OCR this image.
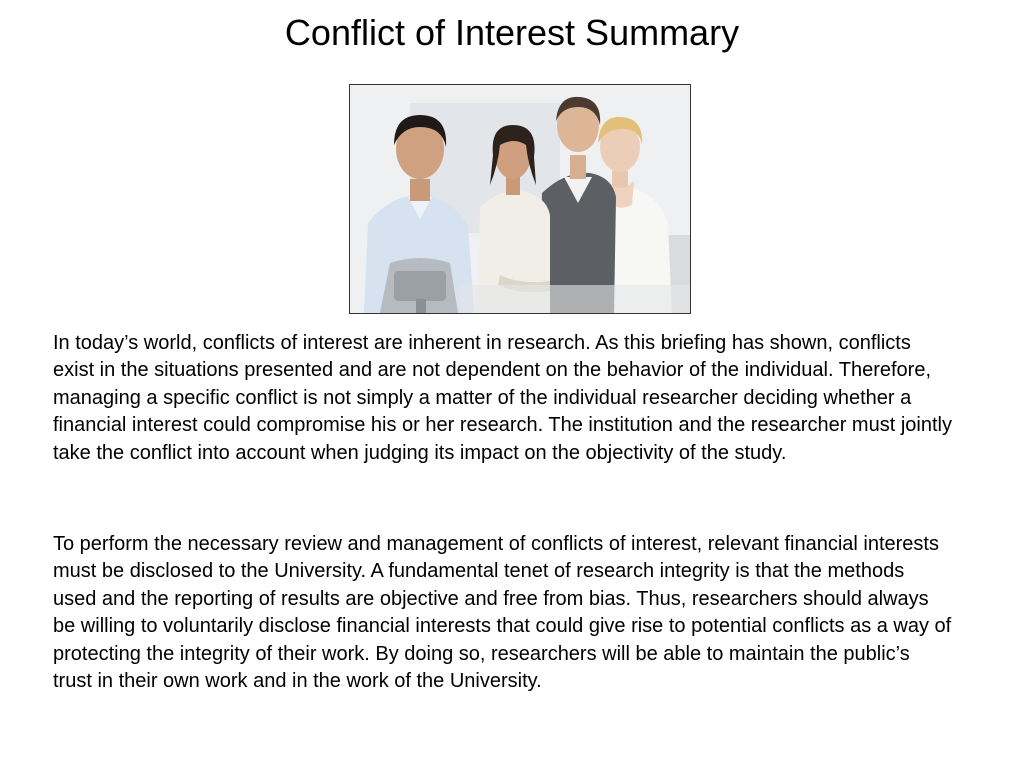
Conflict of Interest Summary

In today’s world, conflicts of interest are inherent in research. As this briefing has shown, conflicts exist in the situations presented and are not dependent on the behavior of the individual. Therefore, managing a specific conflict is not simply a matter of the individual researcher deciding whether a financial interest could compromise his or her research. The institution and the researcher must jointly take the conflict into account when judging its impact on the objectivity of the study.

To perform the necessary review and management of conflicts of interest, relevant financial interests must be disclosed to the University. A fundamental tenet of research integrity is that the methods used and the reporting of results are objective and free from bias. Thus, researchers should always be willing to voluntarily disclose financial interests that could give rise to potential conflicts as a way of protecting the integrity of their work. By doing so, researchers will be able to maintain the public’s trust in their own work and in the work of the University.
